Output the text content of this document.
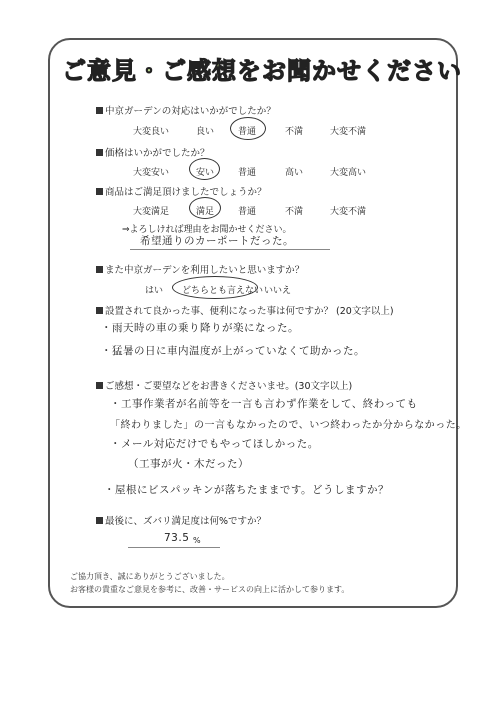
ご意見・ご感想をお聞かせください
中京ガーデンの対応はいかがでしたか？
大変良い	良い	普通	不満	大変不満
価格はいかがでしたか？
大変安い	安い	普通	高い	大変高い
商品はご満足頂けましたでしょうか？
大変満足	満足	普通	不満	大変不満
⇒よろしければ理由をお聞かせください。
希望通りのカーポートだった。
また中京ガーデンを利用したいと思いますか？
はい どちらとも言えない いいえ
設置されて良かった事、便利になった事は何ですか？ (20文字以上)
・雨天時の車の乗り降りが楽になった。
・猛暑の日に車内温度が上がっていなくて助かった。
ご感想・ご要望などをお書きくださいませ。(30文字以上)
・工事作業者が名前等を一言も言わず作業をして、終わっても
「終わりました」の一言もなかったので、いつ終わったか分からなかった。
・メール対応だけでもやってほしかった。
（工事が火・木だった）
・屋根にビスパッキンが落ちたままです。どうしますか？
最後に、ズバリ満足度は何%ですか？
73.5 %
ご協力頂き、誠にありがとうございました。
お客様の貴重なご意見を参考に、改善・サービスの向上に活かして参ります。
